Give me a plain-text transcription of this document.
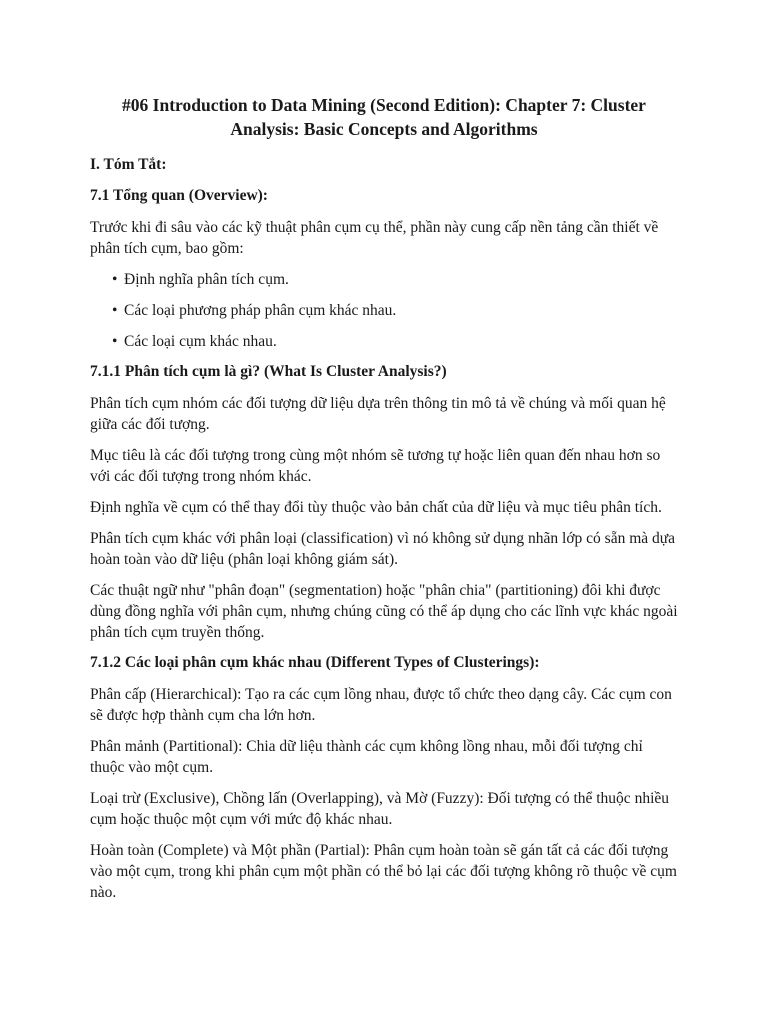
#06 Introduction to Data Mining (Second Edition): Chapter 7: Cluster Analysis: Basic Concepts and Algorithms
I. Tóm Tắt:
7.1 Tổng quan (Overview):

Trước khi đi sâu vào các kỹ thuật phân cụm cụ thể, phần này cung cấp nền tảng cần thiết về phân tích cụm, bao gồm:

• Định nghĩa phân tích cụm.
• Các loại phương pháp phân cụm khác nhau.
• Các loại cụm khác nhau.
7.1.1 Phân tích cụm là gì? (What Is Cluster Analysis?)

Phân tích cụm nhóm các đối tượng dữ liệu dựa trên thông tin mô tả về chúng và mối quan hệ giữa các đối tượng.

Mục tiêu là các đối tượng trong cùng một nhóm sẽ tương tự hoặc liên quan đến nhau hơn so với các đối tượng trong nhóm khác.

Định nghĩa về cụm có thể thay đổi tùy thuộc vào bản chất của dữ liệu và mục tiêu phân tích.

Phân tích cụm khác với phân loại (classification) vì nó không sử dụng nhãn lớp có sẵn mà dựa hoàn toàn vào dữ liệu (phân loại không giám sát).

Các thuật ngữ như "phân đoạn" (segmentation) hoặc "phân chia" (partitioning) đôi khi được dùng đồng nghĩa với phân cụm, nhưng chúng cũng có thể áp dụng cho các lĩnh vực khác ngoài phân tích cụm truyền thống.

7.1.2 Các loại phân cụm khác nhau (Different Types of Clusterings):

Phân cấp (Hierarchical): Tạo ra các cụm lồng nhau, được tổ chức theo dạng cây. Các cụm con sẽ được hợp thành cụm cha lớn hơn.

Phân mảnh (Partitional): Chia dữ liệu thành các cụm không lồng nhau, mỗi đối tượng chỉ thuộc vào một cụm.

Loại trừ (Exclusive), Chồng lấn (Overlapping), và Mờ (Fuzzy): Đối tượng có thể thuộc nhiều cụm hoặc thuộc một cụm với mức độ khác nhau.

Hoàn toàn (Complete) và Một phần (Partial): Phân cụm hoàn toàn sẽ gán tất cả các đối tượng vào một cụm, trong khi phân cụm một phần có thể bỏ lại các đối tượng không rõ thuộc về cụm nào.
